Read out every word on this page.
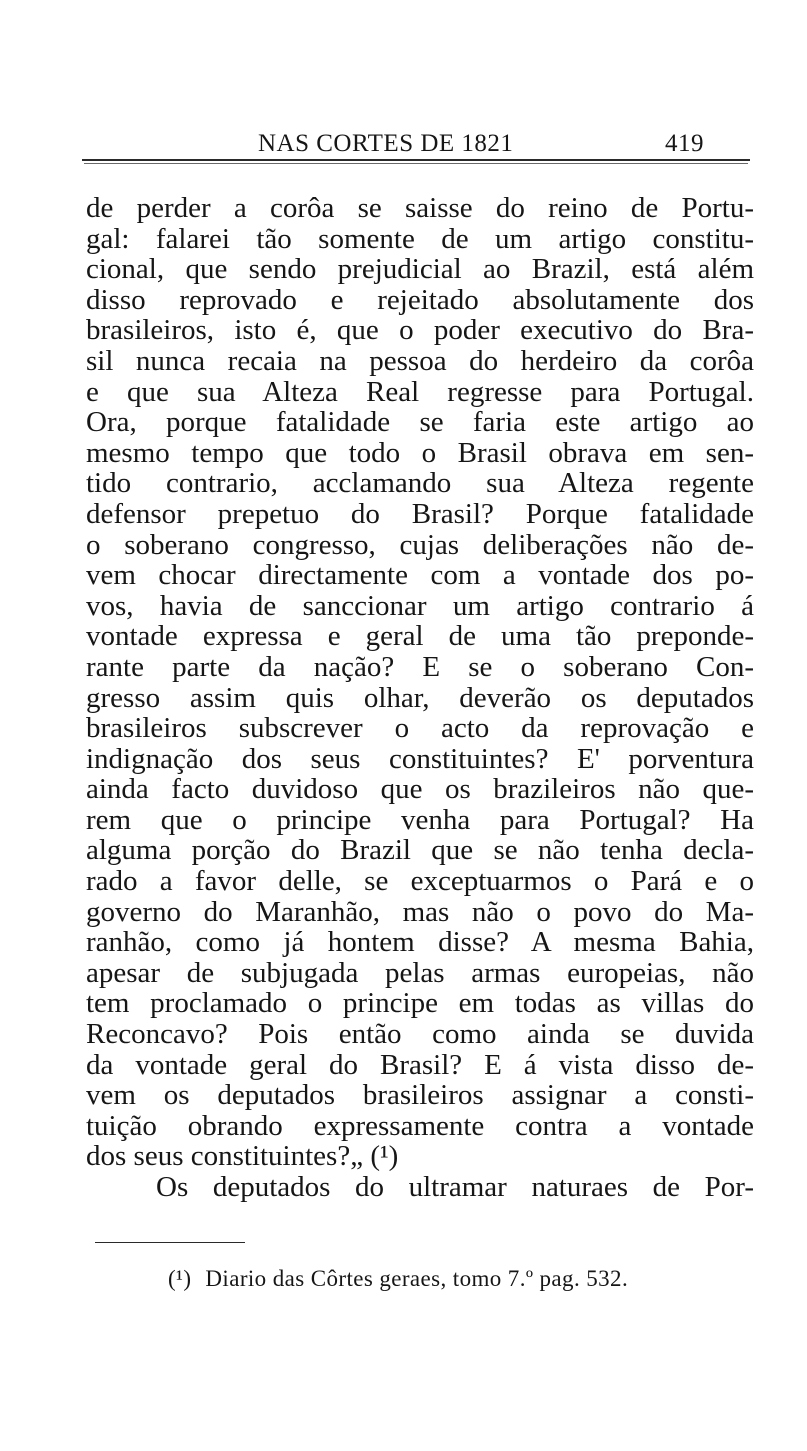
NAS CORTES DE 1821	419
de perder a corôa se saisse do reino de Portu-
gal: falarei tão somente de um artigo constitu-
cional, que sendo prejudicial ao Brazil, está além
disso reprovado e rejeitado absolutamente dos
brasileiros, isto é, que o poder executivo do Bra-
sil nunca recaia na pessoa do herdeiro da corôa
e que sua Alteza Real regresse para Portugal.
Ora, porque fatalidade se faria este artigo ao
mesmo tempo que todo o Brasil obrava em sen-
tido contrario, acclamando sua Alteza regente
defensor prepetuo do Brasil? Porque fatalidade
o soberano congresso, cujas deliberações não de-
vem chocar directamente com a vontade dos po-
vos, havia de sanccionar um artigo contrario á
vontade expressa e geral de uma tão preponde-
rante parte da nação? E se o soberano Con-
gresso assim quis olhar, deverão os deputados
brasileiros subscrever o acto da reprovação e
indignação dos seus constituintes? E' porventura
ainda facto duvidoso que os brazileiros não que-
rem que o principe venha para Portugal? Ha
alguma porção do Brazil que se não tenha decla-
rado a favor delle, se exceptuarmos o Pará e o
governo do Maranhão, mas não o povo do Ma-
ranhão, como já hontem disse? A mesma Bahia,
apesar de subjugada pelas armas europeias, não
tem proclamado o principe em todas as villas do
Reconcavo? Pois então como ainda se duvida
da vontade geral do Brasil? E á vista disso de-
vem os deputados brasileiros assignar a consti-
tuição obrando expressamente contra a vontade
dos seus constituintes?„ (¹)
Os deputados do ultramar naturaes de Por-
(¹) Diario das Côrtes geraes, tomo 7.º pag. 532.
